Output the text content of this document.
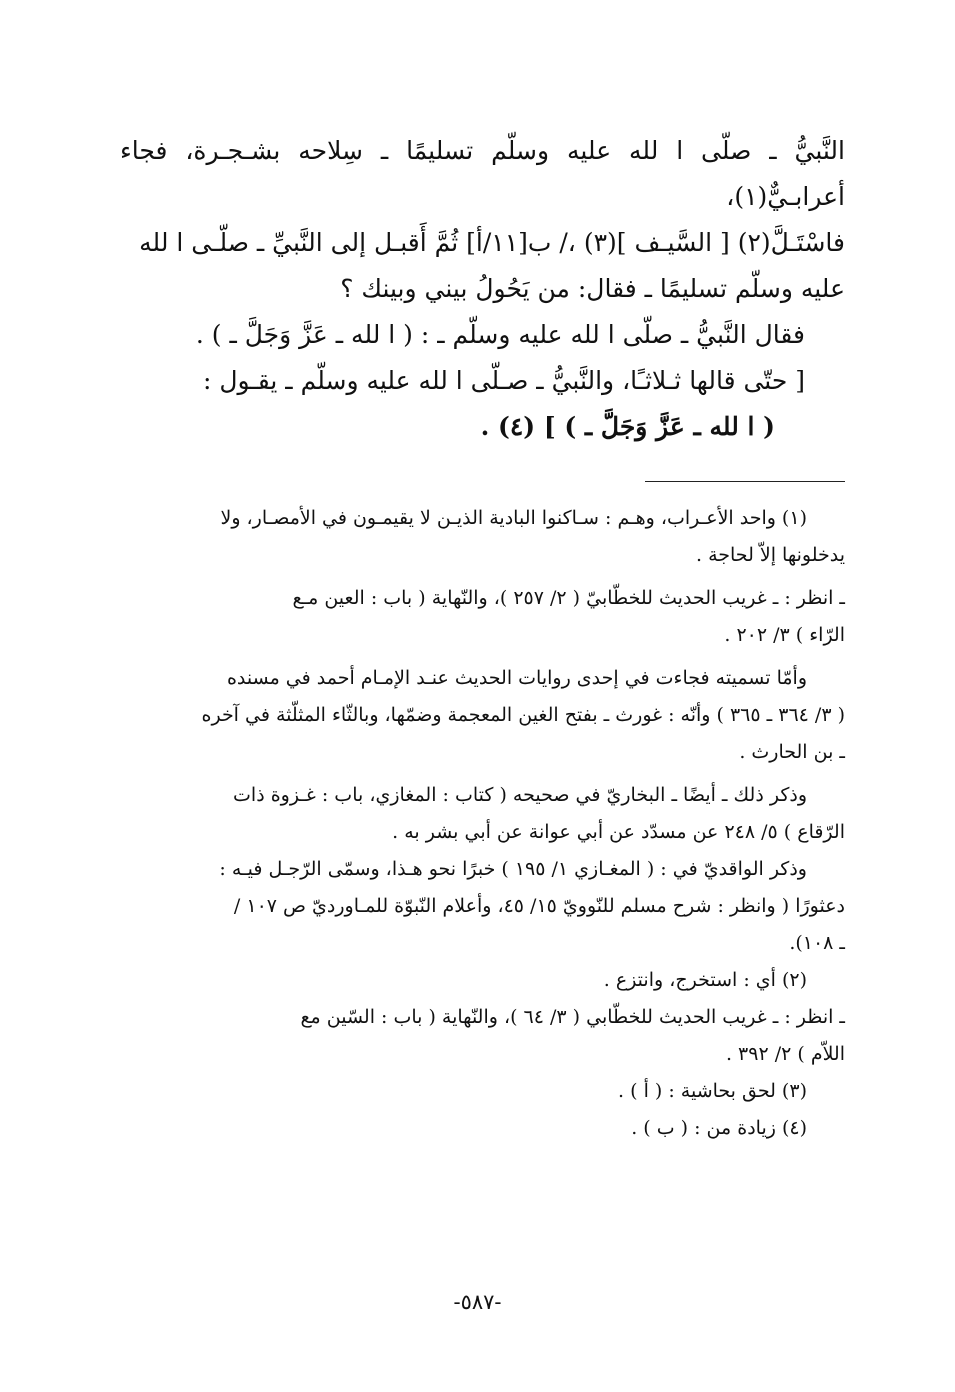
النَّبيُّ ـ صلّى ا لله عليه وسلّم تسليمًا ـ سِلاحه بشـجـرة، فجاء أعرابـيٌّ(١)،

فاسْتَـلَّ(٢) [ السَّيـف ](٣) ،/ ب[١١/أ] ثُمَّ أَقبـل إلى النَّبيِّ ـ صلّـى ا لله

عليه وسلّم تسليمًا ـ فقال: من يَحُولُ بيني وبينك ؟

فقال النَّبيُّ ـ صلّى ا لله عليه وسلّم ـ : ( ا لله ـ عَزَّ وَجَلَّ ـ ) .

[ حتّى قالها ثـلاثـًا، والنَّبيُّ ـ صـلّى ا لله عليه وسلّم ـ يقـول :

( ا لله ـ عَزَّ وَجَلَّ ـ ) ] (٤) .

(١) واحد الأعـراب، وهـم : سـاكنوا البادية الذيـن لا يقيمـون في الأمصـار، ولا

يدخلونها إلاّ لحاجة .

ـ انظر : ـ غريب الحديث للخطّابيّ ( ٢/ ٢٥٧ )، والنّهاية ( باب : العين مـع

الرّاء ) ٣/ ٢٠٢ .

وأمّا تسميته فجاءت في إحدى روايات الحديث عنـد الإمـام أحمد في مسنده

( ٣/ ٣٦٤ ـ ٣٦٥ ) وأنّه : غورث ـ بفتح الغين المعجمة وضمّها، وبالثّاء المثلّثة في آخره

ـ بن الحارث .

وذكر ذلك ـ أيضًا ـ البخاريّ في صحيحه ( كتاب : المغازي، باب : غـزوة ذات

الرّقاع ) ٥/ ٢٤٨ عن مسدّد عن أبي عوانة عن أبي بشر به .

وذكر الواقديّ في : ( المغـازي ١/ ١٩٥ ) خبرًا نحو هـذا، وسمّى الرّجـل فيـه :

دعثورًا ( وانظر : شرح مسلم للنّوويّ ١٥/ ٤٥، وأعلام النّبوّة للمـاورديّ ص ١٠٧ /

ـ ١٠٨).

(٢) أي : استخرج، وانتزع .

ـ انظر : ـ غريب الحديث للخطّابي ( ٣/ ٦٤ )، والنّهاية ( باب : السّين مع

اللاّم ) ٢/ ٣٩٢ .

(٣) لحق بحاشية : ( أ ) .

(٤) زيادة من : ( ب ) .

-٥٨٧-
